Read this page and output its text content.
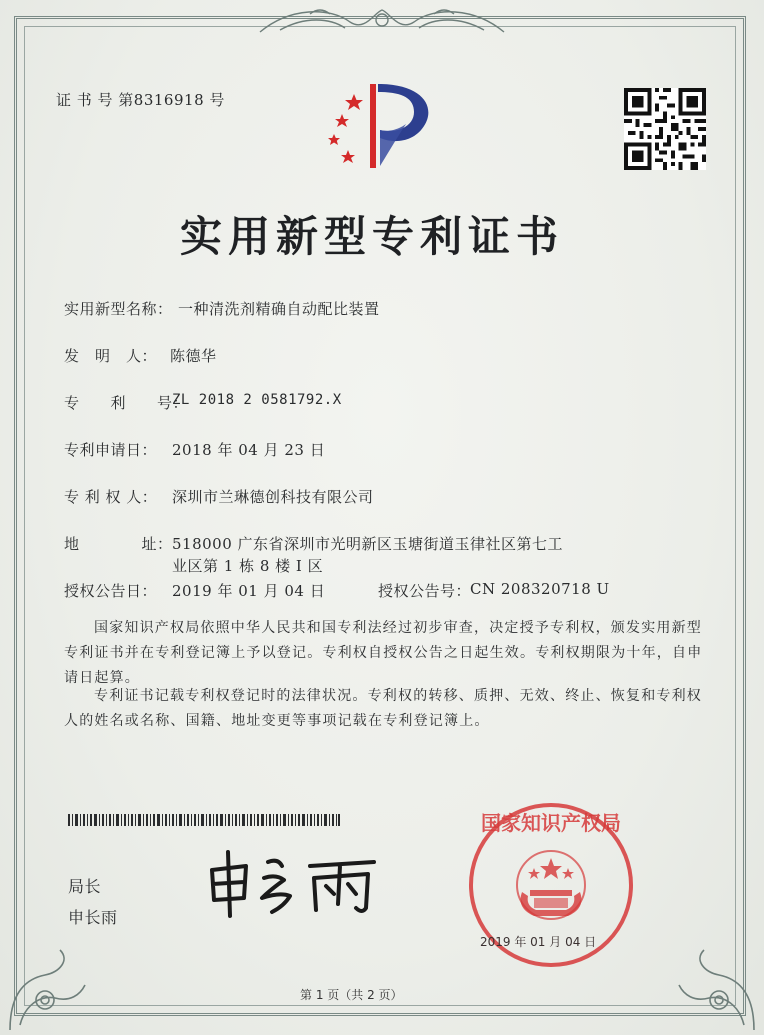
证 书 号 第8316918 号
实用新型专利证书
实用新型名称： 一种清洗剂精确自动配比装置
发　明　人： 陈德华
专　　利　　号：
ZL 2018 2 0581792.X
专利申请日： 2018 年 04 月 23 日
专 利 权 人： 深圳市兰琳德创科技有限公司
地　　　　址： 518000 广东省深圳市光明新区玉塘街道玉律社区第七工
业区第 1 栋 8 楼 I 区
授权公告日： 2019 年 01 月 04 日	授权公告号：
CN 208320718 U
国家知识产权局依照中华人民共和国专利法经过初步审查，决定授予专利权，颁发实用新型专利证书并在专利登记簿上予以登记。专利权自授权公告之日起生效。专利权期限为十年，自申请日起算。
专利证书记载专利权登记时的法律状况。专利权的转移、质押、无效、终止、恢复和专利权人的姓名或名称、国籍、地址变更等事项记载在专利登记簿上。
局长
申长雨
国家知识产权局
2019 年 01 月 04 日
第 1 页（共 2 页）
